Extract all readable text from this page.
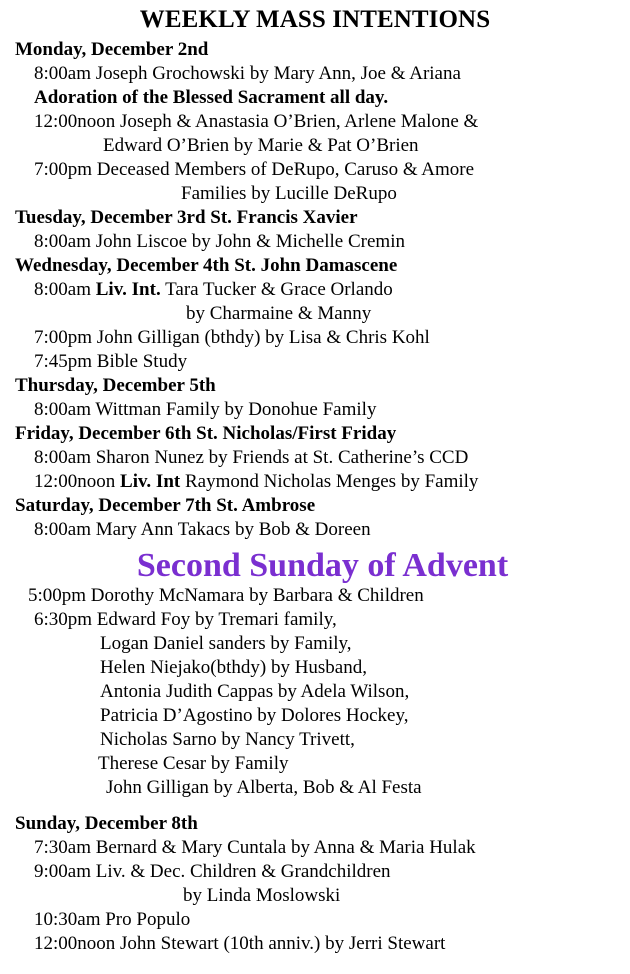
WEEKLY MASS INTENTIONS
Monday, December 2nd
8:00am Joseph Grochowski by Mary Ann, Joe & Ariana
Adoration of the Blessed Sacrament all day.
12:00noon Joseph & Anastasia O’Brien, Arlene Malone &
Edward O’Brien by Marie & Pat O’Brien
7:00pm Deceased Members of DeRupo, Caruso & Amore
Families by Lucille DeRupo
Tuesday, December 3rd St. Francis Xavier
8:00am John Liscoe by John & Michelle Cremin
Wednesday, December 4th St. John Damascene
8:00am Liv. Int. Tara Tucker & Grace Orlando
by Charmaine & Manny
7:00pm John Gilligan (bthdy) by Lisa & Chris Kohl
7:45pm Bible Study
Thursday, December 5th
8:00am Wittman Family by Donohue Family
Friday, December 6th St. Nicholas/First Friday
8:00am Sharon Nunez by Friends at St. Catherine’s CCD
12:00noon Liv. Int Raymond Nicholas Menges by Family
Saturday, December 7th St. Ambrose
8:00am Mary Ann Takacs by Bob & Doreen
Second Sunday of Advent
5:00pm Dorothy McNamara by Barbara & Children
6:30pm Edward Foy by Tremari family,
Logan Daniel sanders by Family,
Helen Niejako(bthdy) by Husband,
Antonia Judith Cappas by Adela Wilson,
Patricia D’Agostino by Dolores Hockey,
Nicholas Sarno by Nancy Trivett,
Therese Cesar by Family
John Gilligan by Alberta, Bob & Al Festa
Sunday, December 8th
7:30am Bernard & Mary Cuntala by Anna & Maria Hulak
9:00am Liv. & Dec. Children & Grandchildren
by Linda Moslowski
10:30am Pro Populo
12:00noon John Stewart (10th anniv.) by Jerri Stewart
